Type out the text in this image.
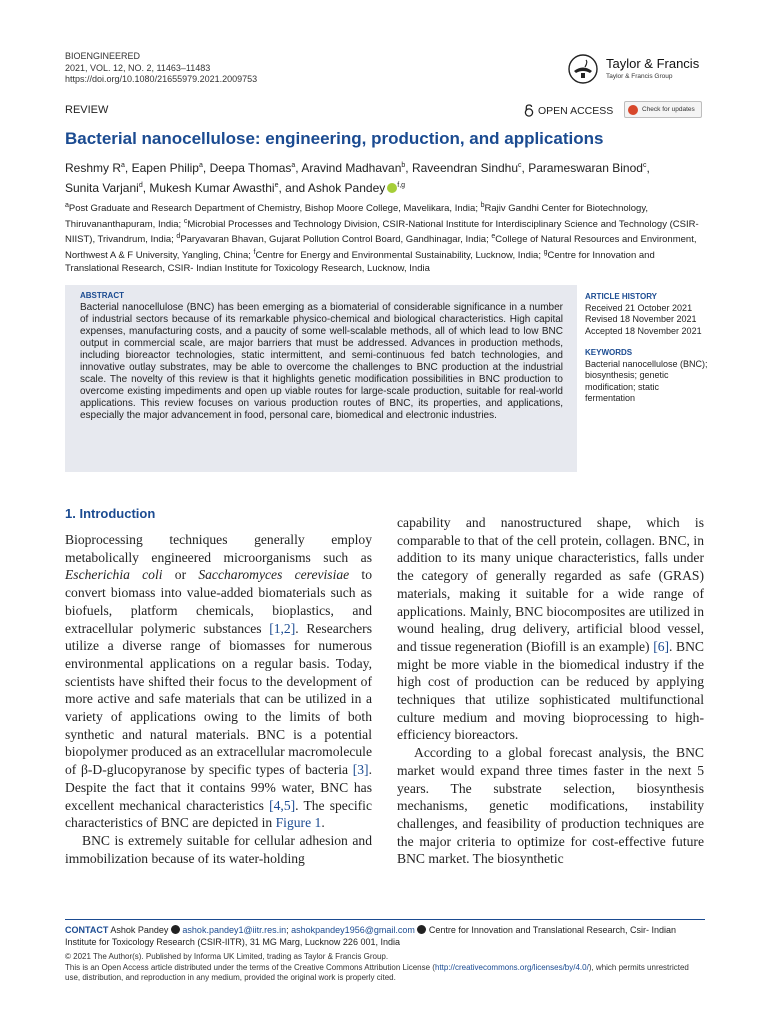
BIOENGINEERED
2021, VOL. 12, NO. 2, 11463–11483
https://doi.org/10.1080/21655979.2021.2009753
Taylor & Francis
Taylor & Francis Group
REVIEW	OPEN ACCESS	Check for updates
Bacterial nanocellulose: engineering, production, and applications
Reshmy $R^a$, Eapen Philip$^a$, Deepa Thomas$^a$, Aravind Madhavan$^b$, Raveendran Sindhu$^c$, Parameswaran Binod$^c$,
Sunita Varjani$^d$, Mukesh Kumar Awasthi$^e$, and Ashok Pandey $^{f,g}$
$^a$Post Graduate and Research Department of Chemistry, Bishop Moore College, Mavelikara, India; $^b$Rajiv Gandhi Center for Biotechnology, Thiruvananthapuram, India; $^c$Microbial Processes and Technology Division, CSIR-National Institute for Interdisciplinary Science and Technology (CSIR-NIIST), Trivandrum, India; $^d$Paryavaran Bhavan, Gujarat Pollution Control Board, Gandhinagar, India; $^e$College of Natural Resources and Environment, Northwest A & F University, Yangling, China; $^f$Centre for Energy and Environmental Sustainability, Lucknow, India; $^g$Centre for Innovation and Translational Research, CSIR- Indian Institute for Toxicology Research, Lucknow, India
ABSTRACT
Bacterial nanocellulose (BNC) has been emerging as a biomaterial of considerable significance in a number of industrial sectors because of its remarkable physico-chemical and biological characteristics. High capital expenses, manufacturing costs, and a paucity of some well-scalable methods, all of which lead to low BNC output in commercial scale, are major barriers that must be addressed. Advances in production methods, including bioreactor technologies, static intermittent, and semi-continuous fed batch technologies, and innovative outlay substrates, may be able to overcome the challenges to BNC production at the industrial scale. The novelty of this review is that it highlights genetic modification possibilities in BNC production to overcome existing impediments and open up viable routes for large-scale production, suitable for real-world applications. This review focuses on various production routes of BNC, its properties, and applications, especially the major advancement in food, personal care, biomedical and electronic industries.
ARTICLE HISTORY
Received 21 October 2021
Revised 18 November 2021
Accepted 18 November 2021
KEYWORDS
Bacterial nanocellulose (BNC); biosynthesis; genetic modification; static fermentation
1. Introduction

Bioprocessing techniques generally employ metabolically engineered microorganisms such as Escherichia coli or Saccharomyces cerevisiae to convert biomass into value-added biomaterials such as biofuels, platform chemicals, bioplastics, and extracellular polymeric substances [1,2]. Researchers utilize a diverse range of biomasses for numerous environmental applications on a regular basis. Today, scientists have shifted their focus to the development of more active and safe materials that can be utilized in a variety of applications owing to the limits of both synthetic and natural materials. BNC is a potential biopolymer produced as an extracellular macromolecule of β-D-glucopyranose by specific types of bacteria [3]. Despite the fact that it contains 99% water, BNC has excellent mechanical characteristics [4,5]. The specific characteristics of BNC are depicted in Figure 1.

BNC is extremely suitable for cellular adhesion and immobilization because of its water-holding

capability and nanostructured shape, which is comparable to that of the cell protein, collagen. BNC, in addition to its many unique characteristics, falls under the category of generally regarded as safe (GRAS) materials, making it suitable for a wide range of applications. Mainly, BNC biocomposites are utilized in wound healing, drug delivery, artificial blood vessel, and tissue regeneration (Biofill is an example) [6]. BNC might be more viable in the biomedical industry if the high cost of production can be reduced by applying techniques that utilize sophisticated multifunctional culture medium and moving bioprocessing to high-efficiency bioreactors.

According to a global forecast analysis, the BNC market would expand three times faster in the next 5 years. The substrate selection, biosynthesis mechanisms, genetic modifications, instability challenges, and feasibility of production techniques are the major criteria to optimize for cost-effective future BNC market. The biosynthetic

CONTACT Ashok Pandey ashok.pandey1@iitr.res.in; ashokpandey1956@gmail.com Centre for Innovation and Translational Research, Csir- Indian Institute for Toxicology Research (CSIR-IITR), 31 MG Marg, Lucknow 226 001, India
© 2021 The Author(s). Published by Informa UK Limited, trading as Taylor & Francis Group.
This is an Open Access article distributed under the terms of the Creative Commons Attribution License (http://creativecommons.org/licenses/by/4.0/), which permits unrestricted use, distribution, and reproduction in any medium, provided the original work is properly cited.
